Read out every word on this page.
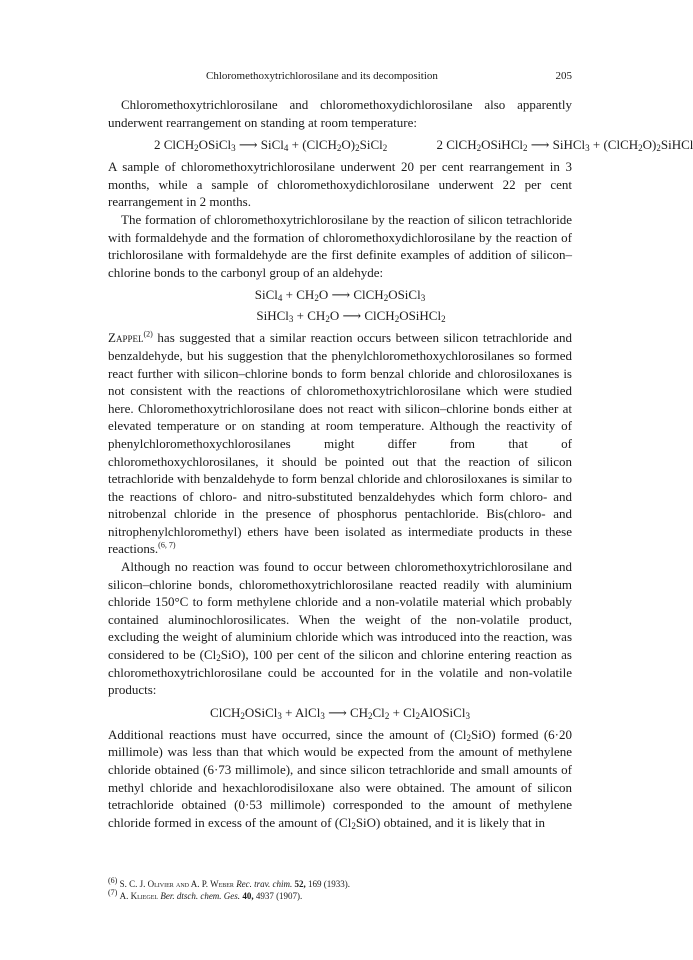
Chloromethoxytrichlorosilane and its decomposition	205

Chloromethoxytrichlorosilane and chloromethoxydichlorosilane also apparently underwent rearrangement on standing at room temperature:

2 ClCH$_2$OSiCl$_3$ ⟶ SiCl$_4$ + $(ClCH_2O)_2SiCl_2$	2 ClCH$_2$OSiHCl$_2$ ⟶ SiHCl$_3$ + $(ClCH_2O)_2SiHCl$

A sample of chloromethoxytrichlorosilane underwent 20 per cent rearrangement in 3 months, while a sample of chloromethoxydichlorosilane underwent 22 per cent rearrangement in 2 months.

The formation of chloromethoxytrichlorosilane by the reaction of silicon tetrachloride with formaldehyde and the formation of chloromethoxydichlorosilane by the reaction of trichlorosilane with formaldehyde are the first definite examples of addition of silicon–chlorine bonds to the carbonyl group of an aldehyde:

SiCl$_4$ + $CH_2O$ ⟶ ClCH$_2$OSiCl$_3$
SiHCl$_3$ + $CH_2O$ ⟶ ClCH$_2$OSiHCl$_2$

Zappel$^{(2)}$ has suggested that a similar reaction occurs between silicon tetrachloride and benzaldehyde, but his suggestion that the phenylchloromethoxychlorosilanes so formed react further with silicon–chlorine bonds to form benzal chloride and chlorosiloxanes is not consistent with the reactions of chloromethoxytrichlorosilane which were studied here. Chloromethoxytrichlorosilane does not react with silicon–chlorine bonds either at elevated temperature or on standing at room temperature. Although the reactivity of phenylchloromethoxychlorosilanes might differ from that of chloromethoxychlorosilanes, it should be pointed out that the reaction of silicon tetrachloride with benzaldehyde to form benzal chloride and chlorosiloxanes is similar to the reactions of chloro- and nitro-substituted benzaldehydes which form chloro- and nitrobenzal chloride in the presence of phosphorus pentachloride. Bis(chloro- and nitrophenylchloromethyl) ethers have been isolated as intermediate products in these reactions.$^{(6, 7)}$

Although no reaction was found to occur between chloromethoxytrichlorosilane and silicon–chlorine bonds, chloromethoxytrichlorosilane reacted readily with aluminium chloride 150°C to form methylene chloride and a non-volatile material which probably contained aluminochlorosilicates. When the weight of the non-volatile product, excluding the weight of aluminium chloride which was introduced into the reaction, was considered to be $(Cl_2SiO)$, 100 per cent of the silicon and chlorine entering reaction as chloromethoxytrichlorosilane could be accounted for in the volatile and non-volatile products:

ClCH$_2$OSiCl$_3$ + AlCl$_3$ ⟶ $CH_2Cl_2$ + $Cl_2AlOSiCl_3$

Additional reactions must have occurred, since the amount of $(Cl_2SiO)$ formed (6·20 millimole) was less than that which would be expected from the amount of methylene chloride obtained (6·73 millimole), and since silicon tetrachloride and small amounts of methyl chloride and hexachlorodisiloxane also were obtained. The amount of silicon tetrachloride obtained (0·53 millimole) corresponded to the amount of methylene chloride formed in excess of the amount of $(Cl_2SiO)$ obtained, and it is likely that in

$^{(6)}$ S. C. J. Olivier and A. P. Weber Rec. trav. chim. 52, 169 (1933).
$^{(7)}$ A. Kliegel Ber. dtsch. chem. Ges. 40, 4937 (1907).
